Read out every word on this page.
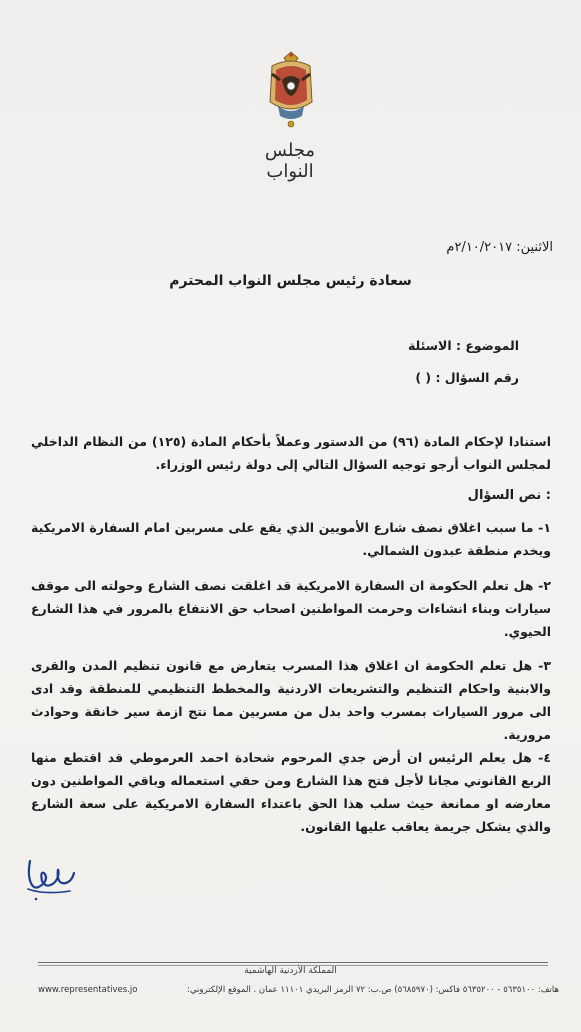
مجلس النواب
الاثنين: ٢/١٠/٢٠١٧م
سعادة رئيس مجلس النواب المحترم
الموضوع : الاسئلة
رقم السؤال : ( )
استنادا لإحكام المادة (٩٦) من الدستور وعملاً بأحكام المادة (١٢٥) من النظام الداخلي لمجلس النواب أرجو توجيه السؤال التالي إلى دولة رئيس الوزراء.
: نص السؤال
١- ما سبب اغلاق نصف شارع الأمويين الذي يقع على مسربين امام السفارة الامريكية ويخدم منطقة عبدون الشمالي.
٢- هل تعلم الحكومة ان السفارة الامريكية قد اغلقت نصف الشارع وحولته الى موقف سيارات وبناء انشاءات وحرمت المواطنين اصحاب حق الانتفاع بالمرور في هذا الشارع الحيوي.
٣- هل تعلم الحكومة ان اغلاق هذا المسرب يتعارض مع قانون تنظيم المدن والقرى والابنية واحكام التنظيم والتشريعات الاردنية والمخطط التنظيمي للمنطقة وقد ادى الى مرور السيارات بمسرب واحد بدل من مسربين مما نتج ازمة سير خانقة وحوادث مرورية.
٤- هل يعلم الرئيس ان أرض جدي المرحوم شحادة احمد العرموطي قد اقتطع منها الربع القانوني مجانا لأجل فتح هذا الشارع ومن حقي استعماله وباقي المواطنين دون معارضه او ممانعة حيث سلب هذا الحق باعتداء السفارة الامريكية على سعة الشارع والذي يشكل جريمة يعاقب عليها القانون.
المملكة الأردنية الهاشمية
هاتف: ٥٦٣٥١٠٠ - ٥٦٣٥٢٠٠ فاكس: (٥٦٨٥٩٧٠) ص.ب: ٧٢ الرمز البريدي ١١١٠١ عمان . الموقع الإلكتروني:
www.representatives.jo
